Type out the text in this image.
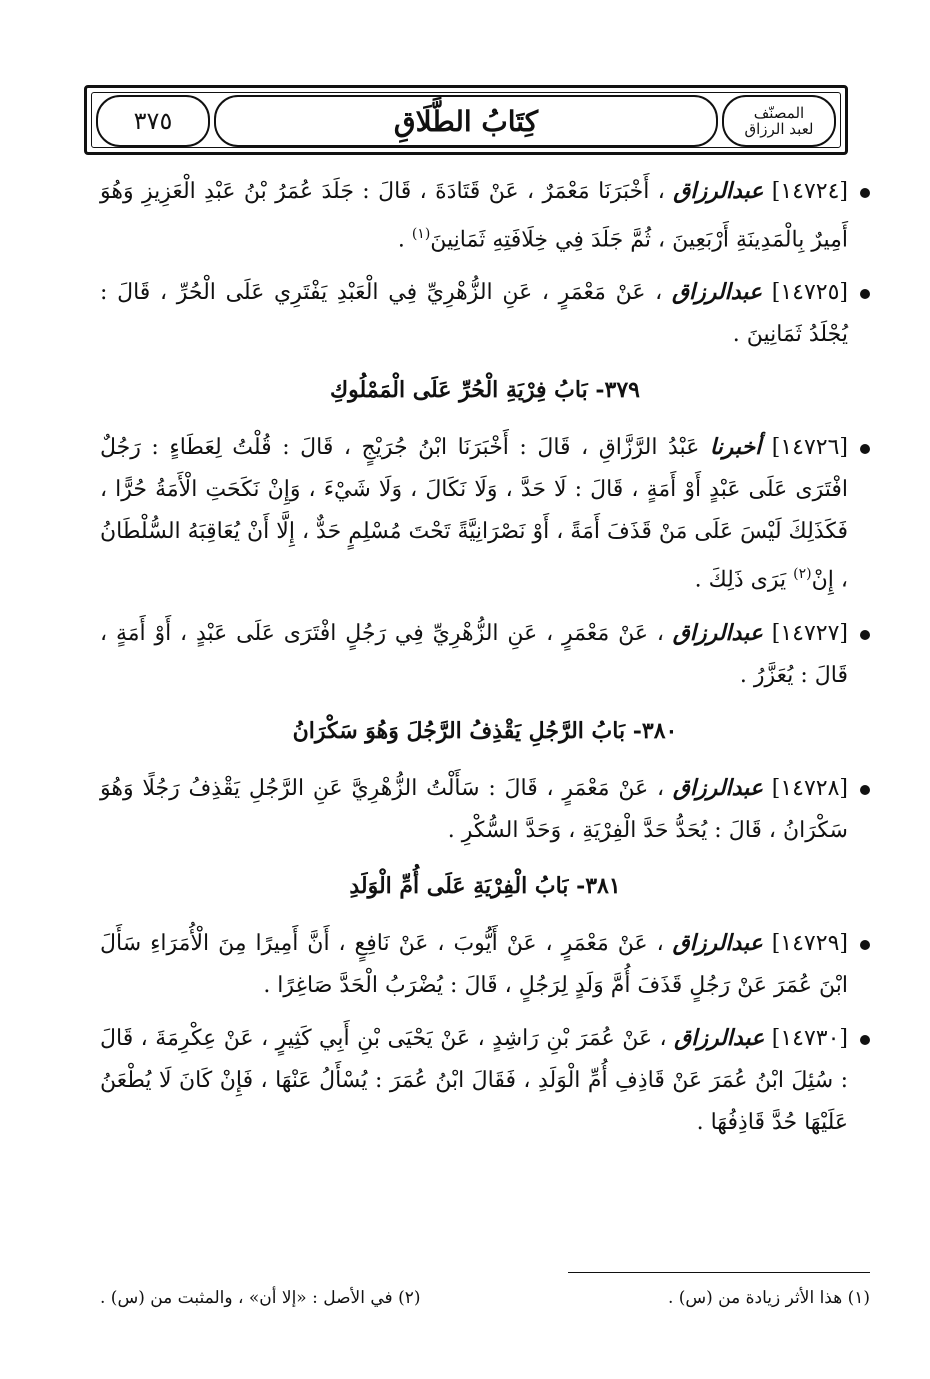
٣٧٥	كِتَابُ الطَّلَاقِ	المصنّف
لعبد الرزاق
[١٤٧٢٤] عبدالرزاق ، أَخْبَرَنَا مَعْمَرٌ ، عَنْ قَتَادَةَ ، قَالَ : جَلَدَ عُمَرُ بْنُ عَبْدِ الْعَزِيزِ وَهُوَ أَمِيرٌ بِالْمَدِينَةِ أَرْبَعِينَ ، ثُمَّ جَلَدَ فِي خِلَافَتِهِ ثَمَانِينَ$^{(١)}$ .
[١٤٧٢٥] عبدالرزاق ، عَنْ مَعْمَرٍ ، عَنِ الزُّهْرِيِّ فِي الْعَبْدِ يَفْتَرِي عَلَى الْحُرِّ ، قَالَ : يُجْلَدُ ثَمَانِينَ .
٣٧٩- بَابُ فِرْيَةِ الْحُرِّ عَلَى الْمَمْلُوكِ
[١٤٧٢٦] أخبرنا عَبْدُ الرَّزَّاقِ ، قَالَ : أَخْبَرَنَا ابْنُ جُرَيْجٍ ، قَالَ : قُلْتُ لِعَطَاءٍ : رَجُلٌ افْتَرَى عَلَى عَبْدٍ أَوْ أَمَةٍ ، قَالَ : لَا حَدَّ ، وَلَا نَكَالَ ، وَلَا شَيْءَ ، وَإِنْ نَكَحَتِ الْأَمَةُ حُرًّا ، فَكَذَلِكَ لَيْسَ عَلَى مَنْ قَذَفَ أَمَةً ، أَوْ نَصْرَانِيَّةً تَحْتَ مُسْلِمٍ حَدٌّ ، إِلَّا أَنْ يُعَاقِبَهُ السُّلْطَانُ ، إِنْ$^{(٢)}$ يَرَى ذَلِكَ .
[١٤٧٢٧] عبدالرزاق ، عَنْ مَعْمَرٍ ، عَنِ الزُّهْرِيِّ فِي رَجُلٍ افْتَرَى عَلَى عَبْدٍ ، أَوْ أَمَةٍ ، قَالَ : يُعَزَّرُ .
٣٨٠- بَابُ الرَّجُلِ يَقْذِفُ الرَّجُلَ وَهُوَ سَكْرَانُ
[١٤٧٢٨] عبدالرزاق ، عَنْ مَعْمَرٍ ، قَالَ : سَأَلْتُ الزُّهْرِيَّ عَنِ الرَّجُلِ يَقْذِفُ رَجُلًا وَهُوَ سَكْرَانُ ، قَالَ : يُحَدُّ حَدَّ الْفِرْيَةِ ، وَحَدَّ السُّكْرِ .
٣٨١- بَابُ الْفِرْيَةِ عَلَى أُمِّ الْوَلَدِ
[١٤٧٢٩] عبدالرزاق ، عَنْ مَعْمَرٍ ، عَنْ أَيُّوبَ ، عَنْ نَافِعٍ ، أَنَّ أَمِيرًا مِنَ الْأُمَرَاءِ سَأَلَ ابْنَ عُمَرَ عَنْ رَجُلٍ قَذَفَ أُمَّ وَلَدٍ لِرَجُلٍ ، قَالَ : يُضْرَبُ الْحَدَّ صَاغِرًا .
[١٤٧٣٠] عبدالرزاق ، عَنْ عُمَرَ بْنِ رَاشِدٍ ، عَنْ يَحْيَى بْنِ أَبِي كَثِيرٍ ، عَنْ عِكْرِمَةَ ، قَالَ : سُئِلَ ابْنُ عُمَرَ عَنْ قَاذِفِ أُمِّ الْوَلَدِ ، فَقَالَ ابْنُ عُمَرَ : يُسْأَلُ عَنْهَا ، فَإِنْ كَانَ لَا يُطْعَنُ عَلَيْهَا حُدَّ قَاذِفُهَا .
(١) هذا الأثر زيادة من (س) .
(٢) في الأصل : «إلا أن» ، والمثبت من (س) .
